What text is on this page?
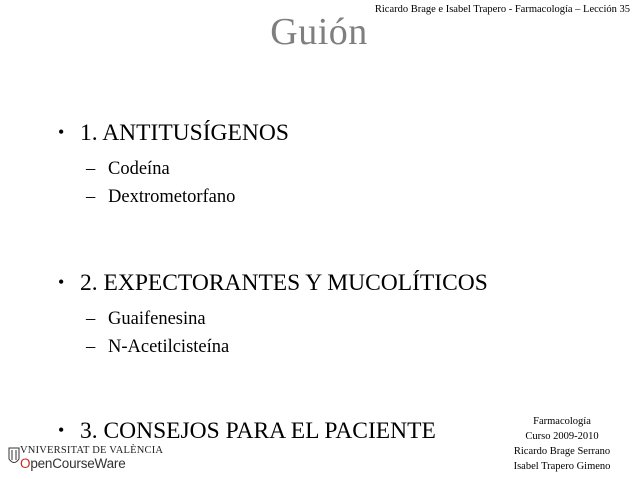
Ricardo Brage e Isabel Trapero - Farmacología – Lección 35
Guión
• 1. ANTITUSÍGENOS
– Codeína
– Dextrometorfano
• 2. EXPECTORANTES Y MUCOLÍTICOS
– Guaifenesina
– N-Acetilcisteína
• 3. CONSEJOS PARA EL PACIENTE	Farmacología
Curso 2009-2010
Ricardo Brage Serrano
Isabel Trapero Gimeno
VNIVERSITAT DE VALÈNCIA
OpenCourseWare
